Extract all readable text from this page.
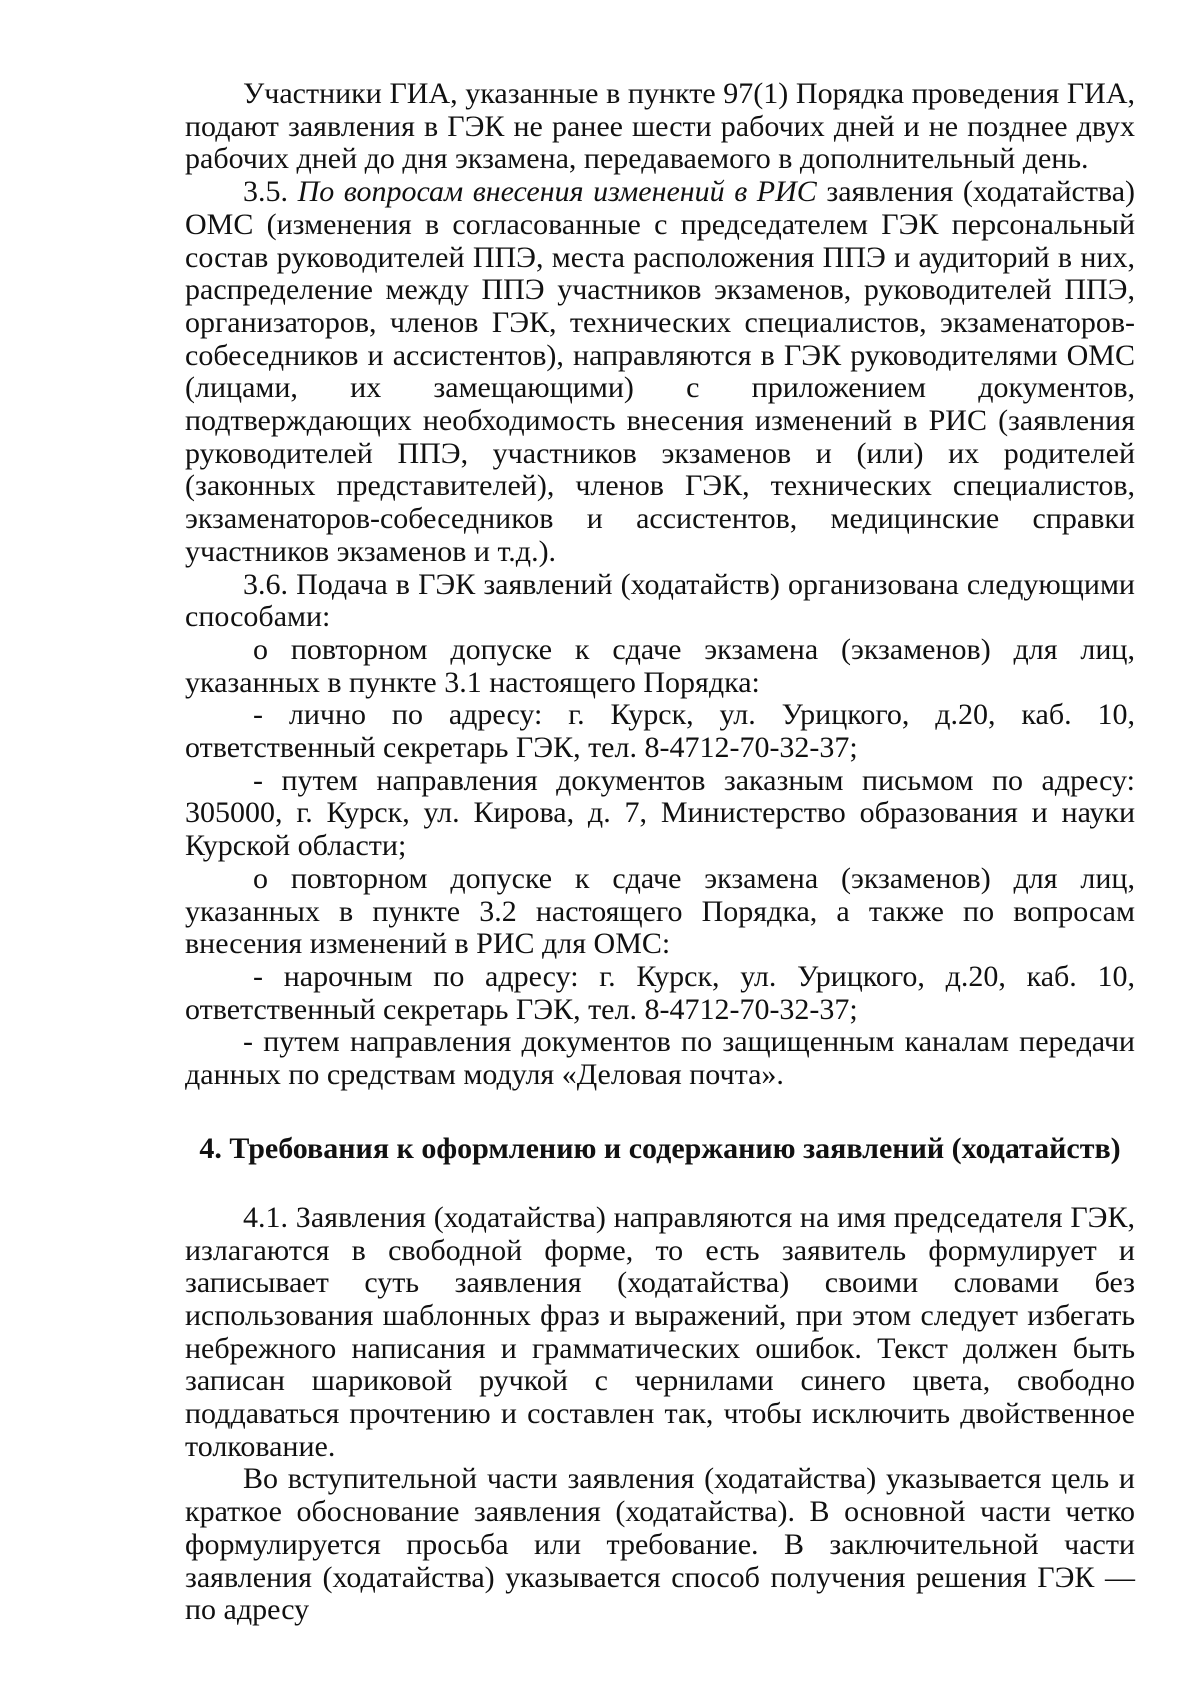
Участники ГИА, указанные в пункте 97(1) Порядка проведения ГИА, подают заявления в ГЭК не ранее шести рабочих дней и не позднее двух рабочих дней до дня экзамена, передаваемого в дополнительный день.

3.5. По вопросам внесения изменений в РИС заявления (ходатайства) ОМС (изменения в согласованные с председателем ГЭК персональный состав руководителей ППЭ, места расположения ППЭ и аудиторий в них, распределение между ППЭ участников экзаменов, руководителей ППЭ, организаторов, членов ГЭК, технических специалистов, экзаменаторов-собеседников и ассистентов), направляются в ГЭК руководителями ОМС (лицами, их замещающими) с приложением документов, подтверждающих необходимость внесения изменений в РИС (заявления руководителей ППЭ, участников экзаменов и (или) их родителей (законных представителей), членов ГЭК, технических специалистов, экзаменаторов-собеседников и ассистентов, медицинские справки участников экзаменов и т.д.).

3.6. Подача в ГЭК заявлений (ходатайств) организована следующими способами:

о повторном допуске к сдаче экзамена (экзаменов) для лиц, указанных в пункте 3.1 настоящего Порядка:

- лично по адресу: г. Курск, ул. Урицкого, д.20, каб. 10, ответственный секретарь ГЭК, тел. 8-4712-70-32-37;

- путем направления документов заказным письмом по адресу: 305000, г. Курск, ул. Кирова, д. 7, Министерство образования и науки Курской области;

о повторном допуске к сдаче экзамена (экзаменов) для лиц, указанных в пункте 3.2 настоящего Порядка, а также по вопросам внесения изменений в РИС для ОМС:

- нарочным по адресу: г. Курск, ул. Урицкого, д.20, каб. 10, ответственный секретарь ГЭК, тел. 8-4712-70-32-37;

- путем направления документов по защищенным каналам передачи данных по средствам модуля «Деловая почта».

4. Требования к оформлению и содержанию заявлений (ходатайств)

4.1. Заявления (ходатайства) направляются на имя председателя ГЭК, излагаются в свободной форме, то есть заявитель формулирует и записывает суть заявления (ходатайства) своими словами без использования шаблонных фраз и выражений, при этом следует избегать небрежного написания и грамматических ошибок. Текст должен быть записан шариковой ручкой с чернилами синего цвета, свободно поддаваться прочтению и составлен так, чтобы исключить двойственное толкование.

Во вступительной части заявления (ходатайства) указывается цель и краткое обоснование заявления (ходатайства). В основной части четко формулируется просьба или требование. В заключительной части заявления (ходатайства) указывается способ получения решения ГЭК — по адресу
